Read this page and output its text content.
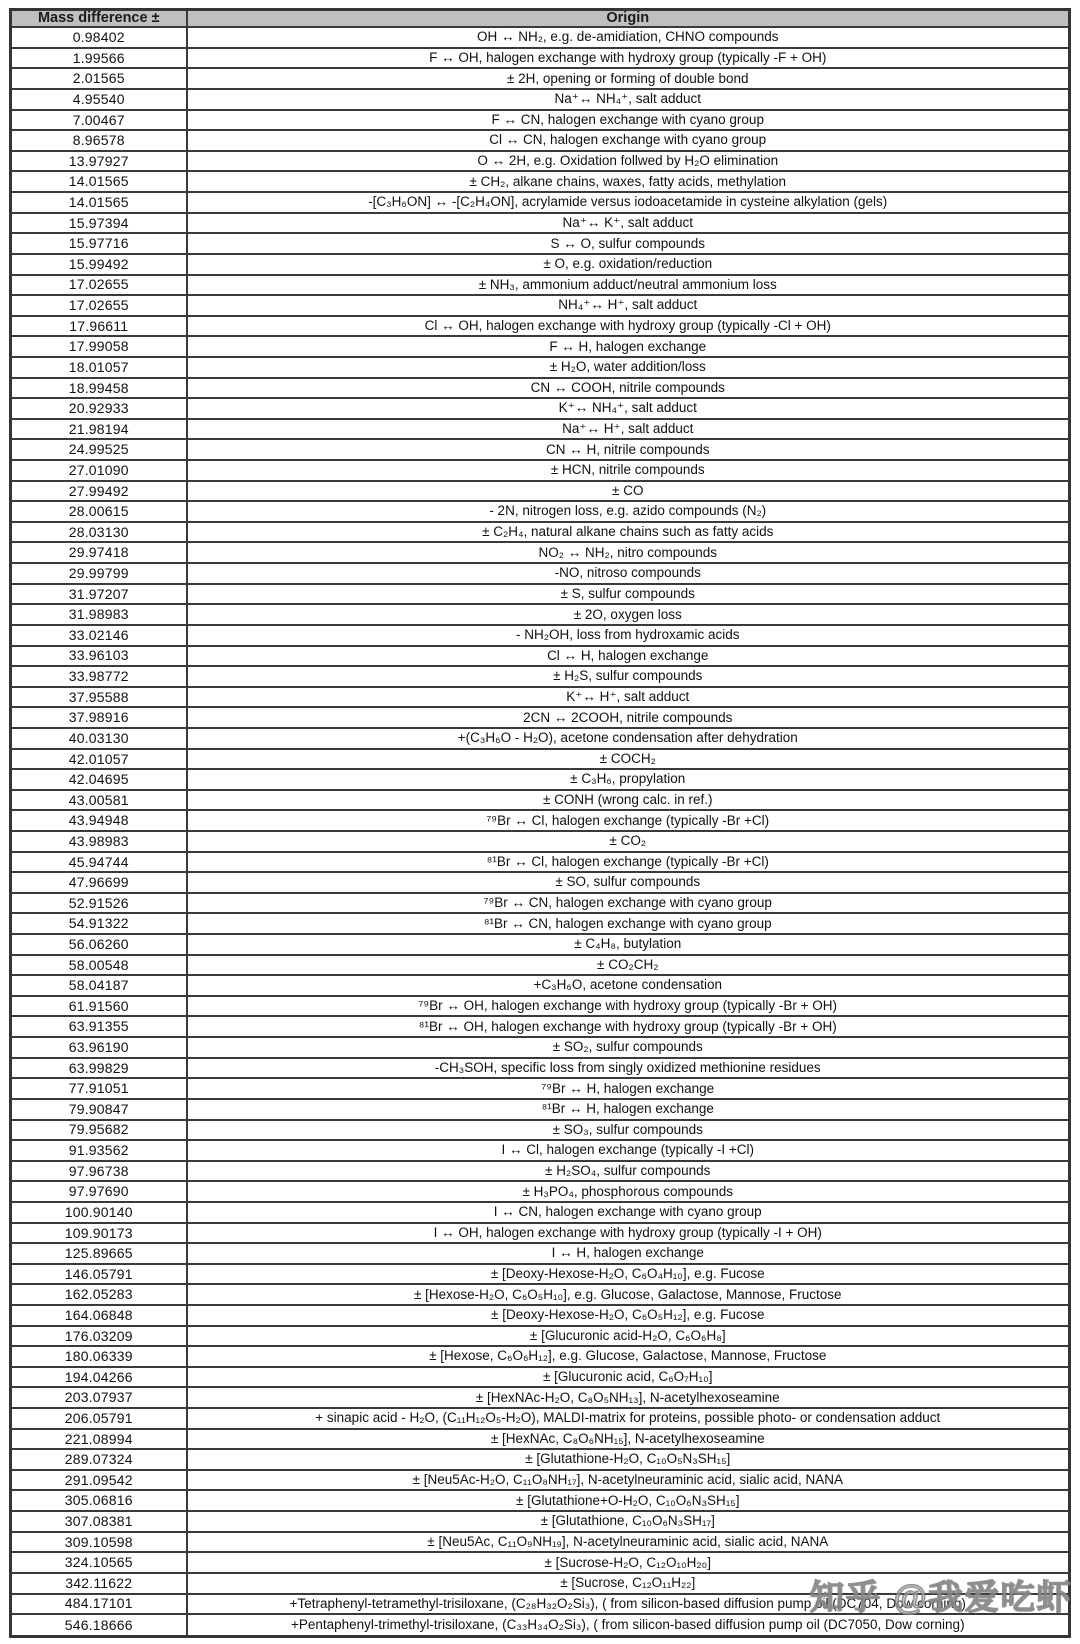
Mass difference ±	Origin
0.98402	OH ↔ NH₂, e.g. de-amidiation, CHNO compounds
1.99566	F ↔ OH, halogen exchange with hydroxy group (typically -F + OH)
2.01565	± 2H, opening or forming of double bond
4.95540	Na⁺↔ NH₄⁺, salt adduct
7.00467	F ↔ CN, halogen exchange with cyano group
8.96578	Cl ↔ CN, halogen exchange with cyano group
13.97927	O ↔ 2H, e.g. Oxidation follwed by H₂O elimination
14.01565	± CH₂, alkane chains, waxes, fatty acids, methylation
14.01565	-[C₃H₆ON] ↔ -[C₂H₄ON], acrylamide versus iodoacetamide in cysteine alkylation (gels)
15.97394	Na⁺↔ K⁺, salt adduct
15.97716	S ↔ O, sulfur compounds
15.99492	± O, e.g. oxidation/reduction
17.02655	± NH₃, ammonium adduct/neutral ammonium loss
17.02655	NH₄⁺↔ H⁺, salt adduct
17.96611	Cl ↔ OH, halogen exchange with hydroxy group (typically -Cl + OH)
17.99058	F ↔ H, halogen exchange
18.01057	± H₂O, water addition/loss
18.99458	CN ↔ COOH, nitrile compounds
20.92933	K⁺↔ NH₄⁺, salt adduct
21.98194	Na⁺↔ H⁺, salt adduct
24.99525	CN ↔ H, nitrile compounds
27.01090	± HCN, nitrile compounds
27.99492	± CO
28.00615	- 2N, nitrogen loss, e.g. azido compounds (N₂)
28.03130	± C₂H₄, natural alkane chains such as fatty acids
29.97418	NO₂ ↔ NH₂, nitro compounds
29.99799	-NO, nitroso compounds
31.97207	± S, sulfur compounds
31.98983	± 2O, oxygen loss
33.02146	- NH₂OH, loss from hydroxamic acids
33.96103	Cl ↔ H, halogen exchange
33.98772	± H₂S, sulfur compounds
37.95588	K⁺↔ H⁺, salt adduct
37.98916	2CN ↔ 2COOH, nitrile compounds
40.03130	+(C₃H₆O - H₂O), acetone condensation after dehydration
42.01057	± COCH₂
42.04695	± C₃H₆, propylation
43.00581	± CONH (wrong calc. in ref.)
43.94948	⁷⁹Br ↔ Cl, halogen exchange (typically -Br +Cl)
43.98983	± CO₂
45.94744	⁸¹Br ↔ Cl, halogen exchange (typically -Br +Cl)
47.96699	± SO, sulfur compounds
52.91526	⁷⁹Br ↔ CN, halogen exchange with cyano group
54.91322	⁸¹Br ↔ CN, halogen exchange with cyano group
56.06260	± C₄H₈, butylation
58.00548	± CO₂CH₂
58.04187	+C₃H₆O, acetone condensation
61.91560	⁷⁹Br ↔ OH, halogen exchange with hydroxy group (typically -Br + OH)
63.91355	⁸¹Br ↔ OH, halogen exchange with hydroxy group (typically -Br + OH)
63.96190	± SO₂, sulfur compounds
63.99829	-CH₃SOH, specific loss from singly oxidized methionine residues
77.91051	⁷⁹Br ↔ H, halogen exchange
79.90847	⁸¹Br ↔ H, halogen exchange
79.95682	± SO₃, sulfur compounds
91.93562	I ↔ Cl, halogen exchange (typically -I +Cl)
97.96738	± H₂SO₄, sulfur compounds
97.97690	± H₃PO₄, phosphorous compounds
100.90140	I ↔ CN, halogen exchange with cyano group
109.90173	I ↔ OH, halogen exchange with hydroxy group (typically -I + OH)
125.89665	I ↔ H, halogen exchange
146.05791	± [Deoxy-Hexose-H₂O, C₆O₄H₁₀], e.g. Fucose
162.05283	± [Hexose-H₂O, C₆O₅H₁₀], e.g. Glucose, Galactose, Mannose, Fructose
164.06848	± [Deoxy-Hexose-H₂O, C₆O₅H₁₂], e.g. Fucose
176.03209	± [Glucuronic acid-H₂O, C₆O₆H₈]
180.06339	± [Hexose, C₆O₆H₁₂], e.g. Glucose, Galactose, Mannose, Fructose
194.04266	± [Glucuronic acid, C₆O₇H₁₀]
203.07937	± [HexNAc-H₂O, C₈O₅NH₁₃], N-acetylhexoseamine
206.05791	+ sinapic acid - H₂O, (C₁₁H₁₂O₅-H₂O), MALDI-matrix for proteins, possible photo- or condensation adduct
221.08994	± [HexNAc, C₈O₆NH₁₅], N-acetylhexoseamine
289.07324	± [Glutathione-H₂O, C₁₀O₅N₃SH₁₅]
291.09542	± [Neu5Ac-H₂O, C₁₁O₈NH₁₇], N-acetylneuraminic acid, sialic acid, NANA
305.06816	± [Glutathione+O-H₂O, C₁₀O₆N₃SH₁₅]
307.08381	± [Glutathione, C₁₀O₆N₃SH₁₇]
309.10598	± [Neu5Ac, C₁₁O₉NH₁₉], N-acetylneuraminic acid, sialic acid, NANA
324.10565	± [Sucrose-H₂O, C₁₂O₁₀H₂₀]
342.11622	± [Sucrose, C₁₂O₁₁H₂₂]
484.17101	+Tetraphenyl-tetramethyl-trisiloxane, (C₂₈H₃₂O₂Si₃), ( from silicon-based diffusion pump oil (DC704, Dow corning)
546.18666	+Pentaphenyl-trimethyl-trisiloxane, (C₃₃H₃₄O₂Si₃), ( from silicon-based diffusion pump oil (DC7050, Dow corning)
知乎 @我爱吃虾
